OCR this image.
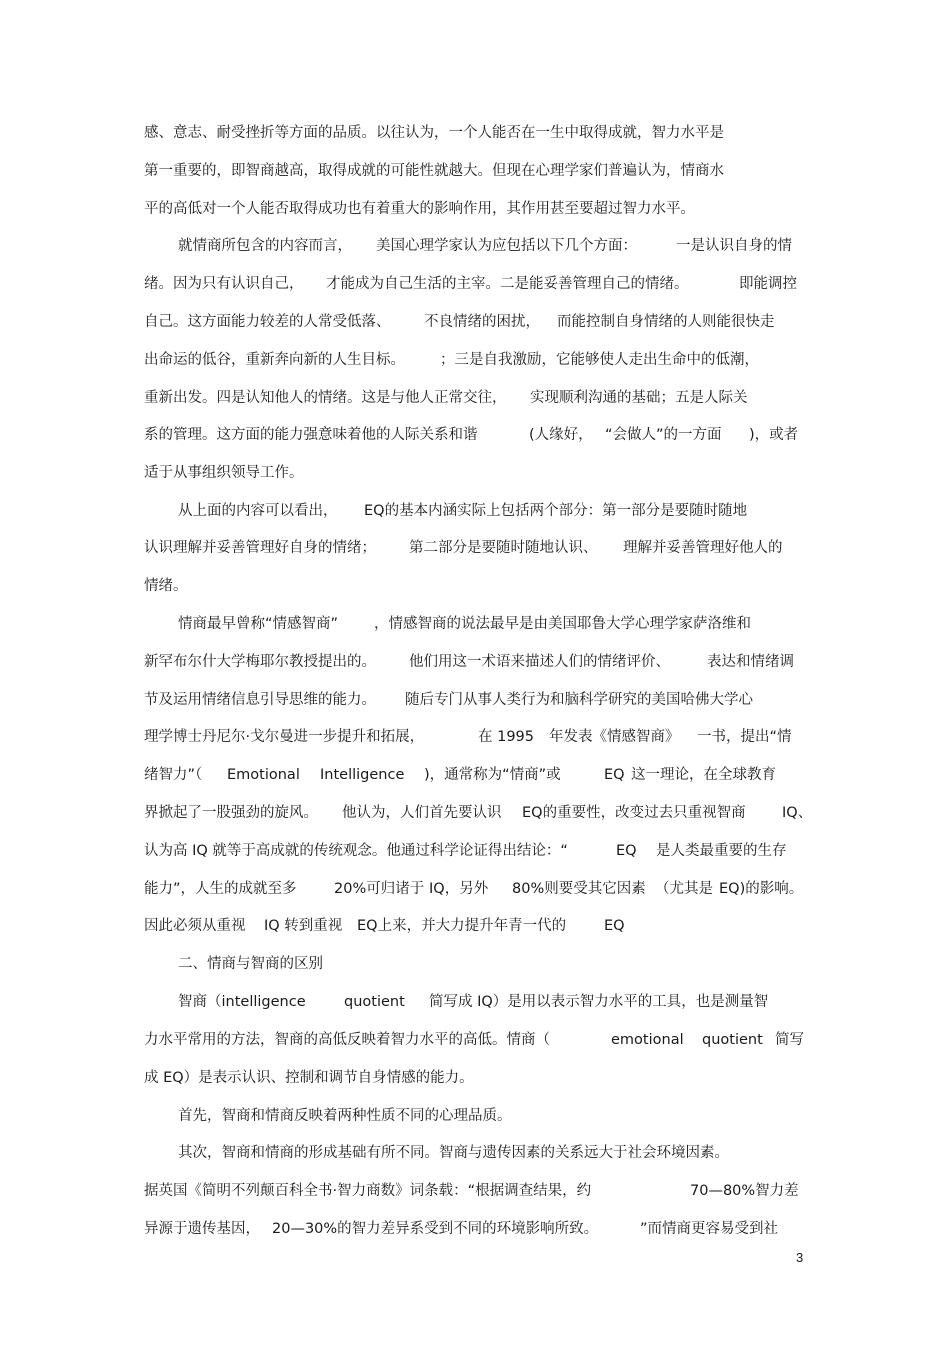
感、意志、耐受挫折等方面的品质。以往认为，一个人能否在一生中取得成就，智力水平是
第一重要的，即智商越高，取得成就的可能性就越大。但现在心理学家们普遍认为，情商水
平的高低对一个人能否取得成功也有着重大的影响作用，其作用甚至要超过智力水平。
就情商所包含的内容而言， 美国心理学家认为应包括以下几个方面：	一是认识自身的情
绪。因为只有认识自己， 才能成为自己生活的主宰。二是能妥善管理自己的情绪。	即能调控
自己。这方面能力较差的人常受低落、 不良情绪的困扰， 而能控制自身情绪的人则能很快走
出命运的低谷，重新奔向新的人生目标。 ；三是自我激励，它能够使人走出生命中的低潮，
重新出发。四是认知他人的情绪。这是与他人正常交往， 实现顺利沟通的基础；五是人际关
系的管理。这方面的能力强意味着他的人际关系和谐	(人缘好， “会做人”的一方面 )，或者
适于从事组织领导工作。
从上面的内容可以看出， EQ的基本内涵实际上包括两个部分：第一部分是要随时随地
认识理解并妥善管理好自身的情绪； 第二部分是要随时随地认识、 理解并妥善管理好他人的
情绪。
情商最早曾称“情感智商” ，情感智商的说法最早是由美国耶鲁大学心理学家萨洛维和
新罕布尔什大学梅耶尔教授提出的。 他们用这一术语来描述人们的情绪评价、	表达和情绪调
节及运用情绪信息引导思维的能力。 随后专门从事人类行为和脑科学研究的美国哈佛大学心
理学博士丹尼尔·戈尔曼进一步提升和拓展，	在 1995 年发表《情感智商》 一书，提出“情
绪智力”（ Emotional Intelligence )，通常称为“情商”或	EQ 这一理论，在全球教育
界掀起了一股强劲的旋风。 他认为，人们首先要认识 EQ的重要性，改变过去只重视智商	IQ、
认为高 IQ 就等于高成就的传统观念。他通过科学论证得出结论：“	EQ 是人类最重要的生存
能力”，人生的成就至多	20%可归诸于 IQ，另外 80%则要受其它因素 （尤其是 EQ)的影响。
因此必须从重视 IQ 转到重视 EQ上来，并大力提升年青一代的	EQ
二、情商与智商的区别
智商（intelligence	quotient 简写成 IQ）是用以表示智力水平的工具，也是测量智
力水平常用的方法，智商的高低反映着智力水平的高低。情商（	emotional quotient 简写
成 EQ）是表示认识、控制和调节自身情感的能力。
首先，智商和情商反映着两种性质不同的心理品质。
其次，智商和情商的形成基础有所不同。智商与遗传因素的关系远大于社会环境因素。
据英国《简明不列颠百科全书·智力商数》词条载：“根据调查结果，约	70—80%智力差
异源于遗传基因， 20—30%的智力差异系受到不同的环境影响所致。	”而情商更容易受到社
3
